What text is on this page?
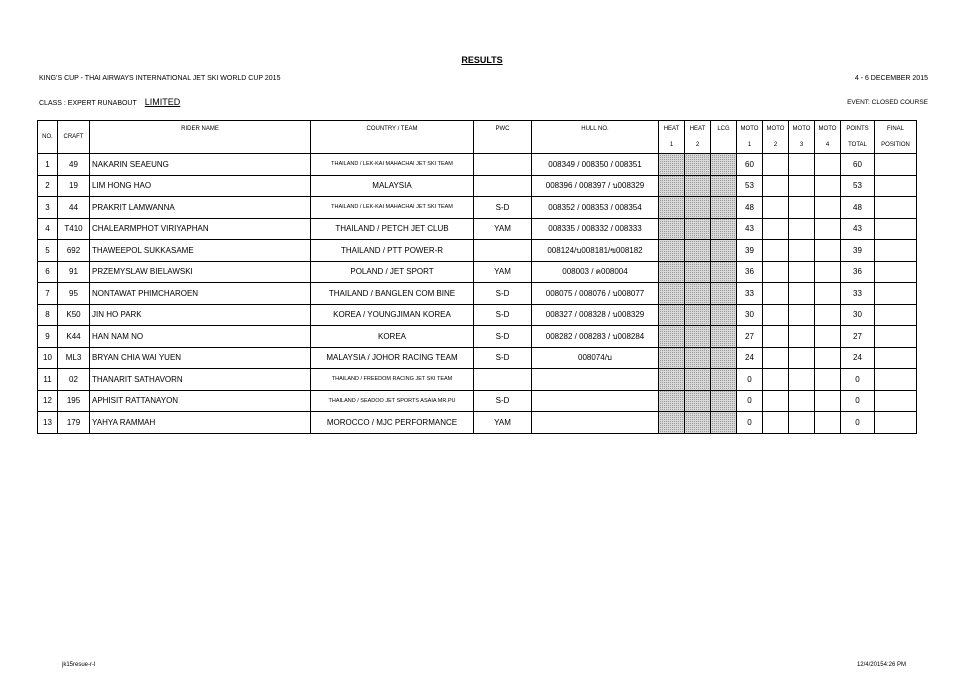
RESULTS
KING'S CUP - THAI AIRWAYS INTERNATIONAL JET SKI WORLD CUP 2015	4 - 6 DECEMBER 2015
CLASS : EXPERT RUNABOUT LIMITED	EVENT: CLOSED COURSE
NO.	CRAFT	RIDER NAME	COUNTRY / TEAM	PWC	HULL NO.	HEAT	HEAT	LCG	MOTO	MOTO	MOTO	MOTO	POINTS	FINAL
						1	2		1	2	3	4	TOTAL	POSITION
1	49	NAKARIN SEAEUNG	THAILAND / LEK-KAI MAHACHAI JET SKI TEAM		008349 / 008350 / 008351				60				60	
2	19	LIM HONG HAO	MALAYSIA		008396 / 008397 / บ008329				53				53	
3	44	PRAKRIT LAMWANNA	THAILAND / LEK-KAI MAHACHAI JET SKI TEAM	S-D	008352 / 008353 / 008354				48				48	
4	T410	CHALEARMPHOT VIRIYAPHAN	THAILAND / PETCH JET CLUB	YAM	008335 / 008332 / 008333				43				43	
5	692	THAWEEPOL SUKKASAME	THAILAND / PTT POWER-R		008124/บ008181/ฃ008182				39				39	
6	91	PRZEMYSLAW BIELAWSKI	POLAND / JET SPORT	YAM	008003 / ค008004				36				36	
7	95	NONTAWAT PHIMCHAROEN	THAILAND / BANGLEN COM BINE	S-D	008075 / 008076 / บ008077				33				33	
8	K50	JIN HO PARK	KOREA / YOUNGJIMAN KOREA	S-D	008327 / 008328 / บ008329				30				30	
9	K44	HAN NAM NO	KOREA	S-D	008282 / 008283 / บ008284				27				27	
10	ML3	BRYAN CHIA WAI YUEN	MALAYSIA / JOHOR RACING TEAM	S-D	008074/บ				24				24	
11	02	THANARIT SATHAVORN	THAILAND / FREEDOM RACING JET SKI TEAM						0				0	
12	195	APHISIT RATTANAYON	THAILAND / SEADOO JET SPORTS ASAIA MR.PU	S-D					0				0	
13	179	YAHYA RAMMAH	MOROCCO / MJC PERFORMANCE	YAM					0				0	
jk15resue-r-l	12/4/20154:26 PM
